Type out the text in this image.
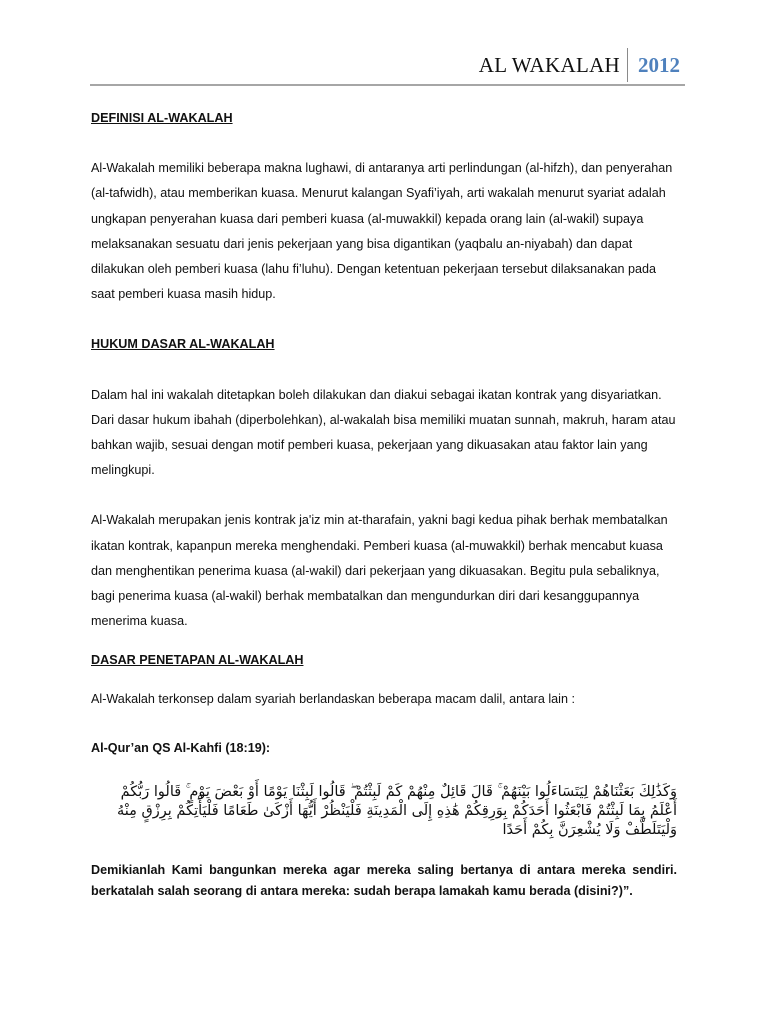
AL WAKALAH 2012
DEFINISI AL-WAKALAH

Al-Wakalah memiliki beberapa makna lughawi, di antaranya arti perlindungan (al-hifzh), dan penyerahan (al-tafwidh), atau memberikan kuasa. Menurut kalangan Syafi’iyah, arti wakalah menurut syariat adalah ungkapan penyerahan kuasa dari pemberi kuasa (al-muwakkil) kepada orang lain (al-wakil) supaya melaksanakan sesuatu dari jenis pekerjaan yang bisa digantikan (yaqbalu an-niyabah) dan dapat dilakukan oleh pemberi kuasa (lahu fi’luhu). Dengan ketentuan pekerjaan tersebut dilaksanakan pada saat pemberi kuasa masih hidup.

HUKUM DASAR AL-WAKALAH

Dalam hal ini wakalah ditetapkan boleh dilakukan dan diakui sebagai ikatan kontrak yang disyariatkan. Dari dasar hukum ibahah (diperbolehkan), al-wakalah bisa memiliki muatan sunnah, makruh, haram atau bahkan wajib, sesuai dengan motif pemberi kuasa, pekerjaan yang dikuasakan atau faktor lain yang melingkupi.

Al-Wakalah merupakan jenis kontrak ja'iz min at-tharafain, yakni bagi kedua pihak berhak membatalkan ikatan kontrak, kapanpun mereka menghendaki. Pemberi kuasa (al-muwakkil) berhak mencabut kuasa dan menghentikan penerima kuasa (al-wakil) dari pekerjaan yang dikuasakan. Begitu pula sebaliknya, bagi penerima kuasa (al-wakil) berhak membatalkan dan mengundurkan diri dari kesanggupannya menerima kuasa.

DASAR PENETAPAN AL-WAKALAH

Al-Wakalah terkonsep dalam syariah berlandaskan beberapa macam dalil, antara lain :

Al-Qur’an QS Al-Kahfi (18:19):

وَكَذَٰلِكَ بَعَثْنَاهُمْ لِيَتَسَاءَلُوا بَيْنَهُمْ ۚ قَالَ قَائِلٌ مِنْهُمْ كَمْ لَبِثْتُمْ ۖ قَالُوا لَبِثْنَا يَوْمًا أَوْ بَعْضَ يَوْمٍ ۚ قَالُوا رَبُّكُمْ أَعْلَمُ بِمَا لَبِثْتُمْ فَابْعَثُوا أَحَدَكُمْ بِوَرِقِكُمْ هَٰذِهِ إِلَى الْمَدِينَةِ فَلْيَنْظُرْ أَيُّهَا أَزْكَىٰ طَعَامًا فَلْيَأْتِكُمْ بِرِزْقٍ مِنْهُ وَلْيَتَلَطَّفْ وَلَا يُشْعِرَنَّ بِكُمْ أَحَدًا

Demikianlah Kami bangunkan mereka agar mereka saling bertanya di antara mereka sendiri. berkatalah salah seorang di antara mereka: sudah berapa lamakah kamu berada (disini?)”.
